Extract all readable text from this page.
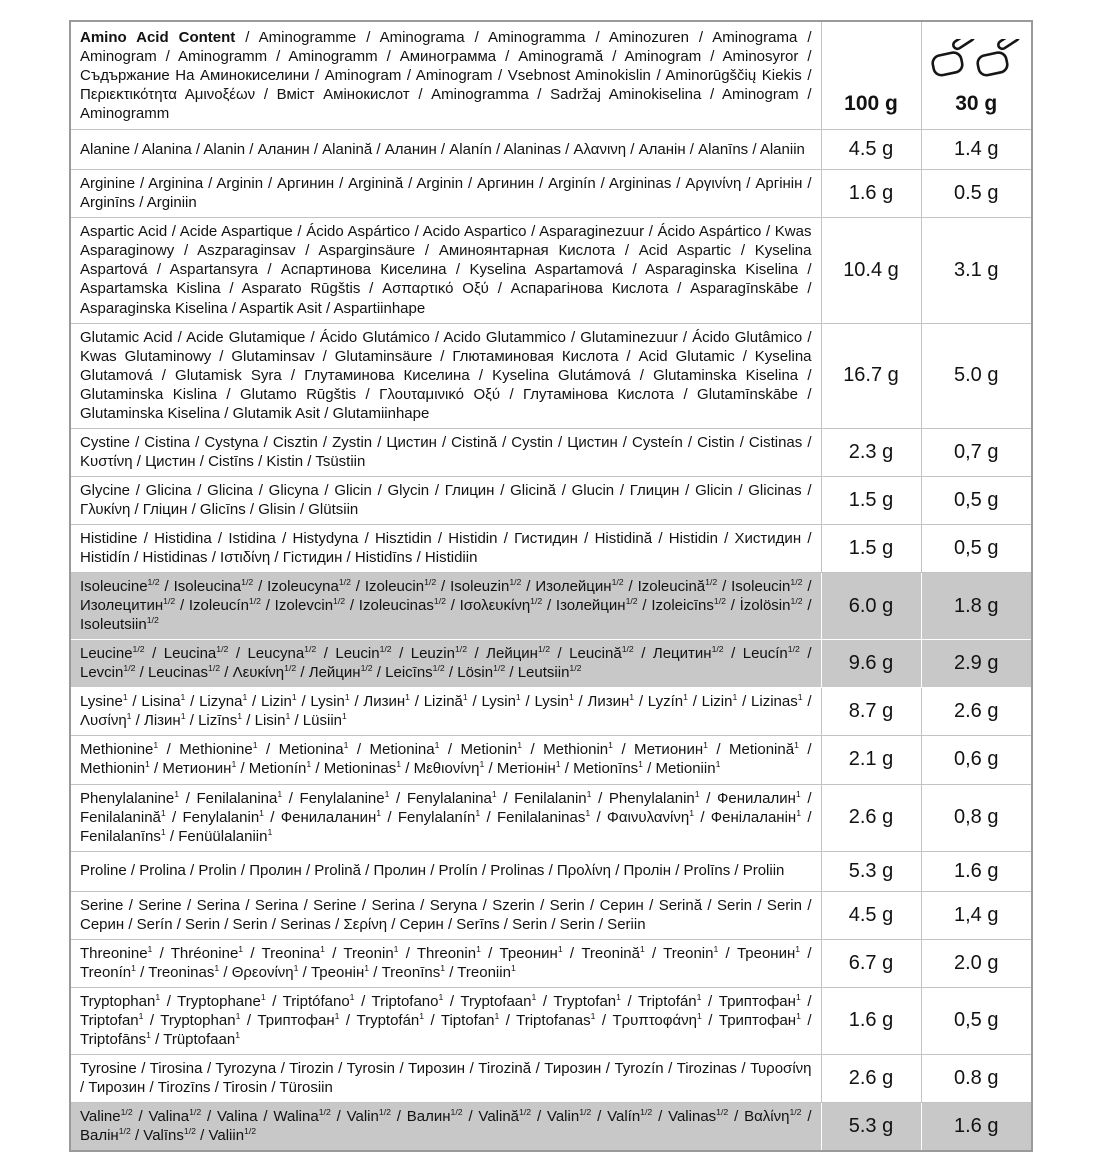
Amino Acid Content / Aminogramme / Aminograma / Aminogramma / Aminozuren / Aminograma / Aminogram / Aminogramm / Aminogramm / Аминограмма / Aminogramă / Aminogram / Aminosyror / Съдържание На Аминокиселини / Aminogram / Aminogram / Vsebnost Aminokislin / Aminorūgščių Kiekis / Περιεκτικότητα Αμινοξέων / Вміст Амінокислот / Aminogramma / Sadržaj Aminokiselina / Aminogram / Aminogramm	100 g	30 g

Alanine / Alanina / Alanin / Аланин / Alanină / Аланин / Alanín / Alaninas / Αλανινη / Аланін / Alanīns / Alaniin	4.5 g	1.4 g
Arginine / Arginina / Arginin / Аргинин / Arginină / Arginin / Аргинин / Arginín / Argininas / Αργινίνη / Аргінін / Arginīns / Arginiin	1.6 g	0.5 g
Aspartic Acid / Acide Aspartique / Ácido Aspártico / Acido Aspartico / Asparaginezuur / Ácido Aspártico / Kwas Asparaginowy / Aszparaginsav / Asparginsäure / Аминоянтарная Кислота / Acid Aspartic / Kyselina Aspartová / Aspartansyra / Аспартинова Киселина / Kyselina Aspartamová / Asparaginska Kiselina / Aspartamska Kislina / Asparato Rūgštis / Ασπαρτικό Οξύ / Аспарагінова Кислота / Asparagīnskābe / Asparaginska Kiselina / Aspartik Asit / Aspartiinhape	10.4 g	3.1 g
Glutamic Acid / Acide Glutamique / Ácido Glutámico / Acido Glutammico / Glutaminezuur / Ácido Glutâmico / Kwas Glutaminowy / Glutaminsav / Glutaminsäure / Глютаминовая Кислота / Acid Glutamic / Kyselina Glutamová / Glutamisk Syra / Глутаминова Киселина / Kyselina Glutámová / Glutaminska Kiselina / Glutaminska Kislina / Glutamo Rūgštis / Γλουταμινικό Οξύ / Глутамінова Кислота / Glutamīnskābe / Glutaminska Kiselina / Glutamik Asit / Glutamiinhape	16.7 g	5.0 g
Cystine / Cistina / Cystyna / Cisztin / Zystin / Цистин / Cistină / Cystin / Цистин / Cysteín / Cistin / Cistinas / Κυστίνη / Цистин / Cistīns / Kistin / Tsüstiin	2.3 g	0,7 g
Glycine / Glicina / Glicina / Glicyna / Glicin / Glycin / Глицин / Glicină / Glucin / Глицин / Glicin / Glicinas / Γλυκίνη / Гліцин / Glicīns / Glisin / Glütsiin	1.5 g	0,5 g
Histidine / Histidina / Istidina / Histydyna / Hisztidin / Histidin / Гистидин / Histidină / Histidin / Хистидин / Histidín / Histidinas / Ιστιδίνη / Гістидин / Histidīns / Histidiin	1.5 g	0,5 g
Isoleucine$^{1/2}$ / Isoleucina$^{1/2}$ / Izoleucyna$^{1/2}$ / Izoleucin$^{1/2}$ / Isoleuzin$^{1/2}$ / Изолейцин$^{1/2}$ / Izoleucină$^{1/2}$ / Isoleucin$^{1/2}$ / Изолецитин$^{1/2}$ / Izoleucín$^{1/2}$ / Izolevcin$^{1/2}$ / Izoleucinas$^{1/2}$ / Ισολευκίνη$^{1/2}$ / Ізолейцин$^{1/2}$ / Izoleicīns$^{1/2}$ / İzolösin$^{1/2}$ / Isoleutsiin$^{1/2}$	6.0 g	1.8 g
Leucine$^{1/2}$ / Leucina$^{1/2}$ / Leucyna$^{1/2}$ / Leucin$^{1/2}$ / Leuzin$^{1/2}$ / Лейцин$^{1/2}$ / Leucină$^{1/2}$ / Лецитин$^{1/2}$ / Leucín$^{1/2}$ / Levcin$^{1/2}$ / Leucinas$^{1/2}$ / Λευκίνη$^{1/2}$ / Лейцин$^{1/2}$ / Leicīns$^{1/2}$ / Lösin$^{1/2}$ / Leutsiin$^{1/2}$	9.6 g	2.9 g
Lysine$^1$ / Lisina$^1$ / Lizyna$^1$ / Lizin$^1$ / Lysin$^1$ / Лизин$^1$ / Lizină$^1$ / Lysin$^1$ / Lysin$^1$ / Лизин$^1$ / Lyzín$^1$ / Lizin$^1$ / Lizinas$^1$ / Λυσίνη$^1$ / Лізин$^1$ / Lizīns$^1$ / Lisin$^1$ / Lüsiin$^1$	8.7 g	2.6 g
Methionine$^1$ / Methionine$^1$ / Metionina$^1$ / Metionina$^1$ / Metionin$^1$ / Methionin$^1$ / Метионин$^1$ / Metionină$^1$ / Methionin$^1$ / Метионин$^1$ / Metionín$^1$ / Metioninas$^1$ / Μεθιονίνη$^1$ / Метіонін$^1$ / Metionīns$^1$ / Metioniin$^1$	2.1 g	0,6 g
Phenylalanine$^1$ / Fenilalanina$^1$ / Fenylalanine$^1$ / Fenylalanina$^1$ / Fenilalanin$^1$ / Phenylalanin$^1$ / Фенилалин$^1$ / Fenilalanină$^1$ / Fenylalanin$^1$ / Фенилаланин$^1$ / Fenylalanín$^1$ / Fenilalaninas$^1$ / Φαινυλανίνη$^1$ / Фенілаланін$^1$ / Fenilalanīns$^1$ / Fenüülalaniin$^1$	2.6 g	0,8 g
Proline / Prolina / Prolin / Пролин / Prolină / Пролин / Prolín / Prolinas / Προλίνη / Пролін / Prolīns / Proliin	5.3 g	1.6 g
Serine / Serine / Serina / Serina / Serine / Serina / Seryna / Szerin / Serin / Серин / Serină / Serin / Serin / Серин / Serín / Serin / Serin / Serinas / Σερίνη / Серин / Serīns / Serin / Serin / Seriin	4.5 g	1,4 g
Threonine$^1$ / Thréonine$^1$ / Treonina$^1$ / Treonin$^1$ / Threonin$^1$ / Треонин$^1$ / Treonină$^1$ / Treonin$^1$ / Треонин$^1$ / Treonín$^1$ / Treoninas$^1$ / Θρεονίνη$^1$ / Треонін$^1$ / Treonīns$^1$ / Treoniin$^1$	6.7 g	2.0 g
Tryptophan$^1$ / Tryptophane$^1$ / Triptófano$^1$ / Triptofano$^1$ / Tryptofaan$^1$ / Tryptofan$^1$ / Triptofán$^1$ / Триптофан$^1$ / Triptofan$^1$ / Tryptophan$^1$ / Триптофан$^1$ / Tryptofán$^1$ / Tiptofan$^1$ / Triptofanas$^1$ / Τρυπτοφάνη$^1$ / Триптофан$^1$ / Triptofāns$^1$ / Trüptofaan$^1$	1.6 g	0,5 g
Tyrosine / Tirosina / Tyrozyna / Tirozin / Tyrosin / Тирозин / Tirozină / Тирозин / Tyrozín / Tirozinas / Τυροσίνη / Тирозин / Tirozīns / Tirosin / Türosiin	2.6 g	0.8 g
Valine$^{1/2}$ / Valina$^{1/2}$ / Valina / Walina$^{1/2}$ / Valin$^{1/2}$ / Валин$^{1/2}$ / Valină$^{1/2}$ / Valin$^{1/2}$ / Valín$^{1/2}$ / Valinas$^{1/2}$ / Βαλίνη$^{1/2}$ / Валін$^{1/2}$ / Valīns$^{1/2}$ / Valiin$^{1/2}$	5.3 g	1.6 g
